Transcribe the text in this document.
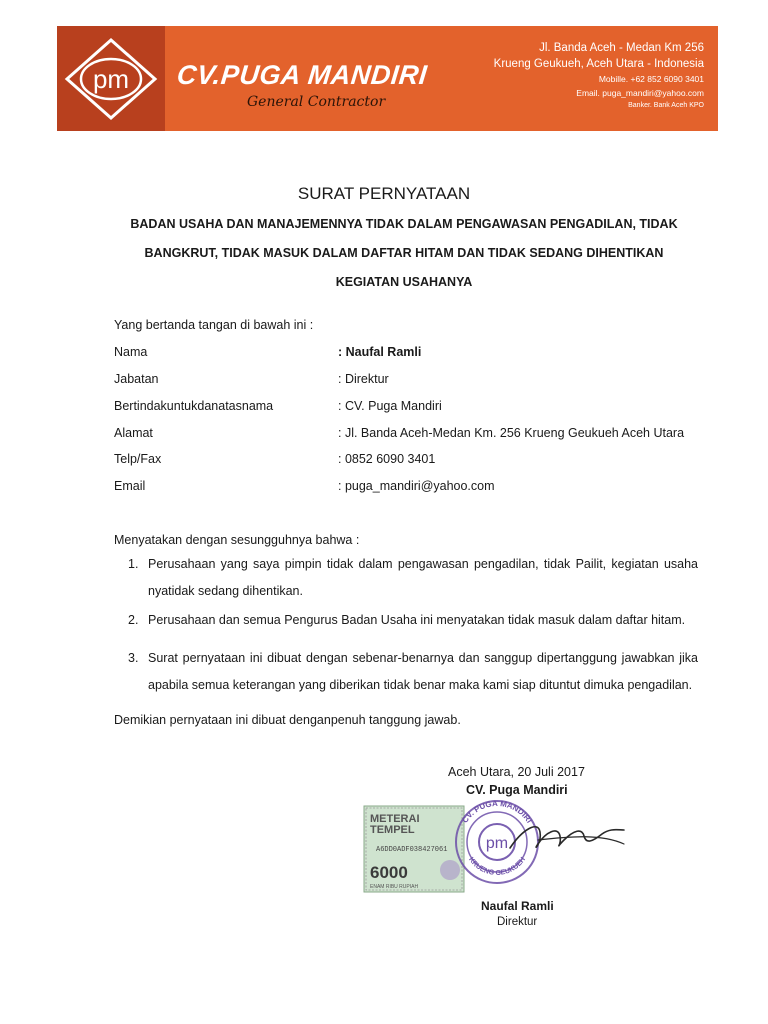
pm CV.PUGA MANDIRI
General Contractor
Jl. Banda Aceh - Medan Km 256
Krueng Geukueh, Aceh Utara - Indonesia
Mobille. +62 852 6090 3401
Email. puga_mandiri@yahoo.com
Banker. Bank Aceh KPO
SURAT PERNYATAAN
BADAN USAHA DAN MANAJEMENNYA TIDAK DALAM PENGAWASAN PENGADILAN, TIDAK
BANGKRUT, TIDAK MASUK DALAM DAFTAR HITAM DAN TIDAK SEDANG DIHENTIKAN
KEGIATAN USAHANYA
Yang bertanda tangan di bawah ini :
Nama	: Naufal Ramli
Jabatan	: Direktur
Bertindakuntukdanatasnama	: CV. Puga Mandiri
Alamat	: Jl. Banda Aceh-Medan Km. 256 Krueng Geukueh Aceh Utara
Telp/Fax	: 0852 6090 3401
Email	: puga_mandiri@yahoo.com
Menyatakan dengan sesungguhnya bahwa :
1. Perusahaan yang saya pimpin tidak dalam pengawasan pengadilan, tidak Pailit, kegiatan usaha nyatidak sedang dihentikan.
2. Perusahaan dan semua Pengurus Badan Usaha ini menyatakan tidak masuk dalam daftar hitam.
3. Surat pernyataan ini dibuat dengan sebenar-benarnya dan sanggup dipertanggung jawabkan jika apabila semua keterangan yang diberikan tidak benar maka kami siap dituntut dimuka pengadilan.
Demikian pernyataan ini dibuat denganpenuh tanggung jawab.
Aceh Utara, 20 Juli 2017
CV. Puga Mandiri
METERAI
TEMPEL
A6DD0ADF038427061
6000
ENAM RIBU RUPIAH
pm
CV. PUGA MANDIRI
KRUENG GEUKUEH
Naufal Ramli
Direktur
